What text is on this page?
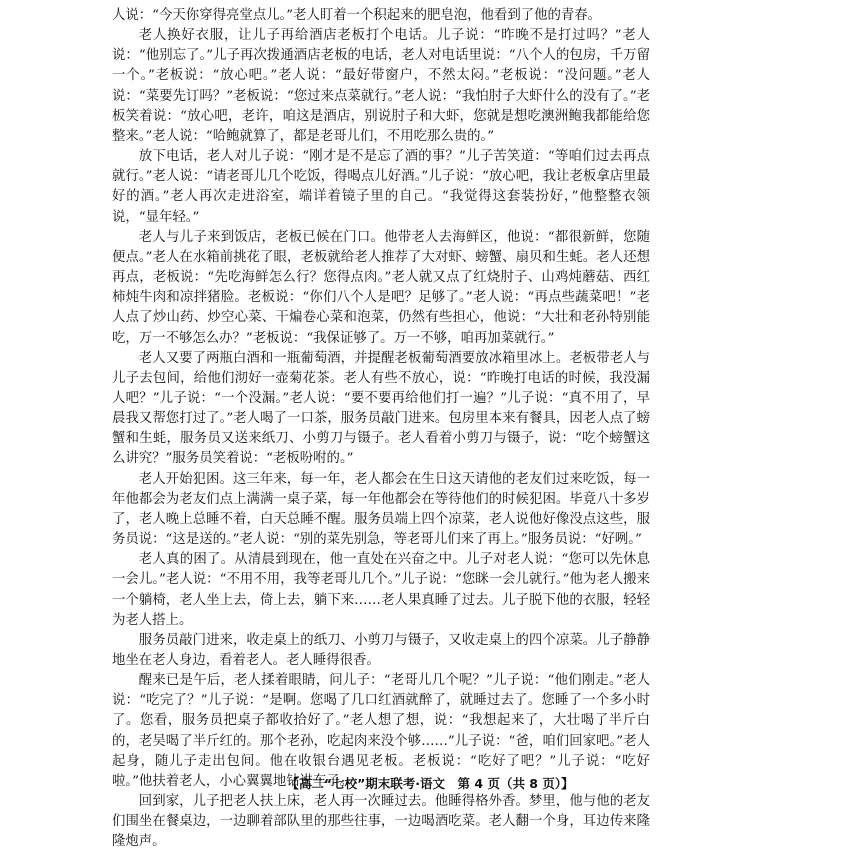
人说：“今天你穿得亮堂点儿。”老人盯着一个积起来的肥皂泡，他看到了他的青春。

老人换好衣服，让儿子再给酒店老板打个电话。儿子说：“昨晚不是打过吗？”老人说：“他别忘了。”儿子再次拨通酒店老板的电话，老人对电话里说：“八个人的包房，千万留一个。”老板说：“放心吧。”老人说：“最好带窗户，不然太闷。”老板说：“没问题。”老人说：“菜要先订吗？”老板说：“您过来点菜就行。”老人说：“我怕肘子大虾什么的没有了。”老板笑着说：“放心吧，老许，咱这是酒店，别说肘子和大虾，您就是想吃澳洲鲍我都能给您整来。”老人说：“哈鲍就算了，都是老哥儿们，不用吃那么贵的。”

放下电话，老人对儿子说：“刚才是不是忘了酒的事？”儿子苦笑道：“等咱们过去再点就行。”老人说：“请老哥儿几个吃饭，得喝点儿好酒。”儿子说：“放心吧，我让老板拿店里最好的酒。”老人再次走进浴室，端详着镜子里的自己。“我觉得这套装扮好，”他整整衣领说，“显年轻。”

老人与儿子来到饭店，老板已候在门口。他带老人去海鲜区，他说：“都很新鲜，您随便点。”老人在水箱前挑花了眼，老板就给老人推荐了大对虾、螃蟹、扇贝和生蚝。老人还想再点，老板说：“先吃海鲜怎么行？您得点肉。”老人就又点了红烧肘子、山鸡炖蘑菇、西红柿炖牛肉和凉拌猪脸。老板说：“你们八个人是吧？足够了。”老人说：“再点些蔬菜吧！”老人点了炒山药、炒空心菜、干煸卷心菜和泡菜，仍然有些担心，他说：“大壮和老孙特别能吃，万一不够怎么办？”老板说：“我保证够了。万一不够，咱再加菜就行。”

老人又要了两瓶白酒和一瓶葡萄酒，并提醒老板葡萄酒要放冰箱里冰上。老板带老人与儿子去包间，给他们沏好一壶菊花茶。老人有些不放心，说：“昨晚打电话的时候，我没漏人吧？”儿子说：“一个没漏。”老人说：“要不要再给他们打一遍？”儿子说：“真不用了，早晨我又帮您打过了。”老人喝了一口茶，服务员敲门进来。包房里本来有餐具，因老人点了螃蟹和生蚝，服务员又送来纸刀、小剪刀与镊子。老人看着小剪刀与镊子，说：“吃个螃蟹这么讲究？”服务员笑着说：“老板吩咐的。”

老人开始犯困。这三年来，每一年，老人都会在生日这天请他的老友们过来吃饭，每一年他都会为老友们点上满满一桌子菜，每一年他都会在等待他们的时候犯困。毕竟八十多岁了，老人晚上总睡不着，白天总睡不醒。服务员端上四个凉菜，老人说他好像没点这些，服务员说：“这是送的。”老人说：“别的菜先别急，等老哥儿们来了再上。”服务员说：“好咧。”

老人真的困了。从清晨到现在，他一直处在兴奋之中。儿子对老人说：“您可以先休息一会儿。”老人说：“不用不用，我等老哥儿几个。”儿子说：“您眯一会儿就行。”他为老人搬来一个躺椅，老人坐上去，倚上去，躺下来……老人果真睡了过去。儿子脱下他的衣服，轻轻为老人搭上。

服务员敲门进来，收走桌上的纸刀、小剪刀与镊子，又收走桌上的四个凉菜。儿子静静地坐在老人身边，看着老人。老人睡得很香。

醒来已是午后，老人揉着眼睛，问儿子：“老哥儿几个呢？”儿子说：“他们刚走。”老人说：“吃完了？”儿子说：“是啊。您喝了几口红酒就醉了，就睡过去了。您睡了一个多小时了。您看，服务员把桌子都收拾好了。”老人想了想，说：“我想起来了，大壮喝了半斤白的，老吴喝了半斤红的。那个老孙，吃起肉来没个够……”儿子说：“爸，咱们回家吧。”老人起身，随儿子走出包间。他在收银台遇见老板。老板说：“吃好了吧？”儿子说：“吃好啦。”他扶着老人，小心翼翼地钻进车子。

回到家，儿子把老人扶上床，老人再一次睡过去。他睡得格外香。梦里，他与他的老友们围坐在餐桌边，一边聊着部队里的那些往事，一边喝酒吃菜。老人翻一个身，耳边传来隆隆炮声。

【高二“七校”期末联考·语文　第 4 页（共 8 页）】
